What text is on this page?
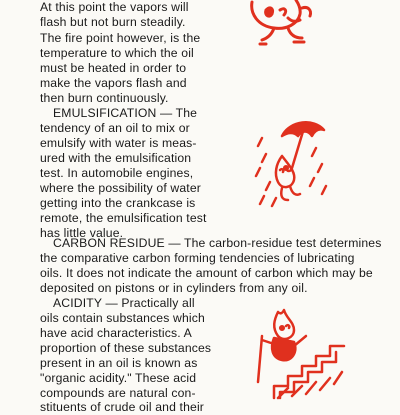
At this point the vapors will
flash but not burn steadily.
The fire point however, is the
temperature to which the oil
must be heated in order to
make the vapors flash and
then burn continuously.
EMULSIFICATION — The
tendency of an oil to mix or
emulsify with water is meas-
ured with the emulsification
test. In automobile engines,
where the possibility of water
getting into the crankcase is
remote, the emulsification test
has little value.
CARBON RESIDUE — The carbon-residue test determines
the comparative carbon forming tendencies of lubricating
oils. It does not indicate the amount of carbon which may be
deposited on pistons or in cylinders from any oil.
ACIDITY — Practically all
oils contain substances which
have acid characteristics. A
proportion of these substances
present in an oil is known as
"organic acidity." These acid
compounds are natural con-
stituents of crude oil and their
